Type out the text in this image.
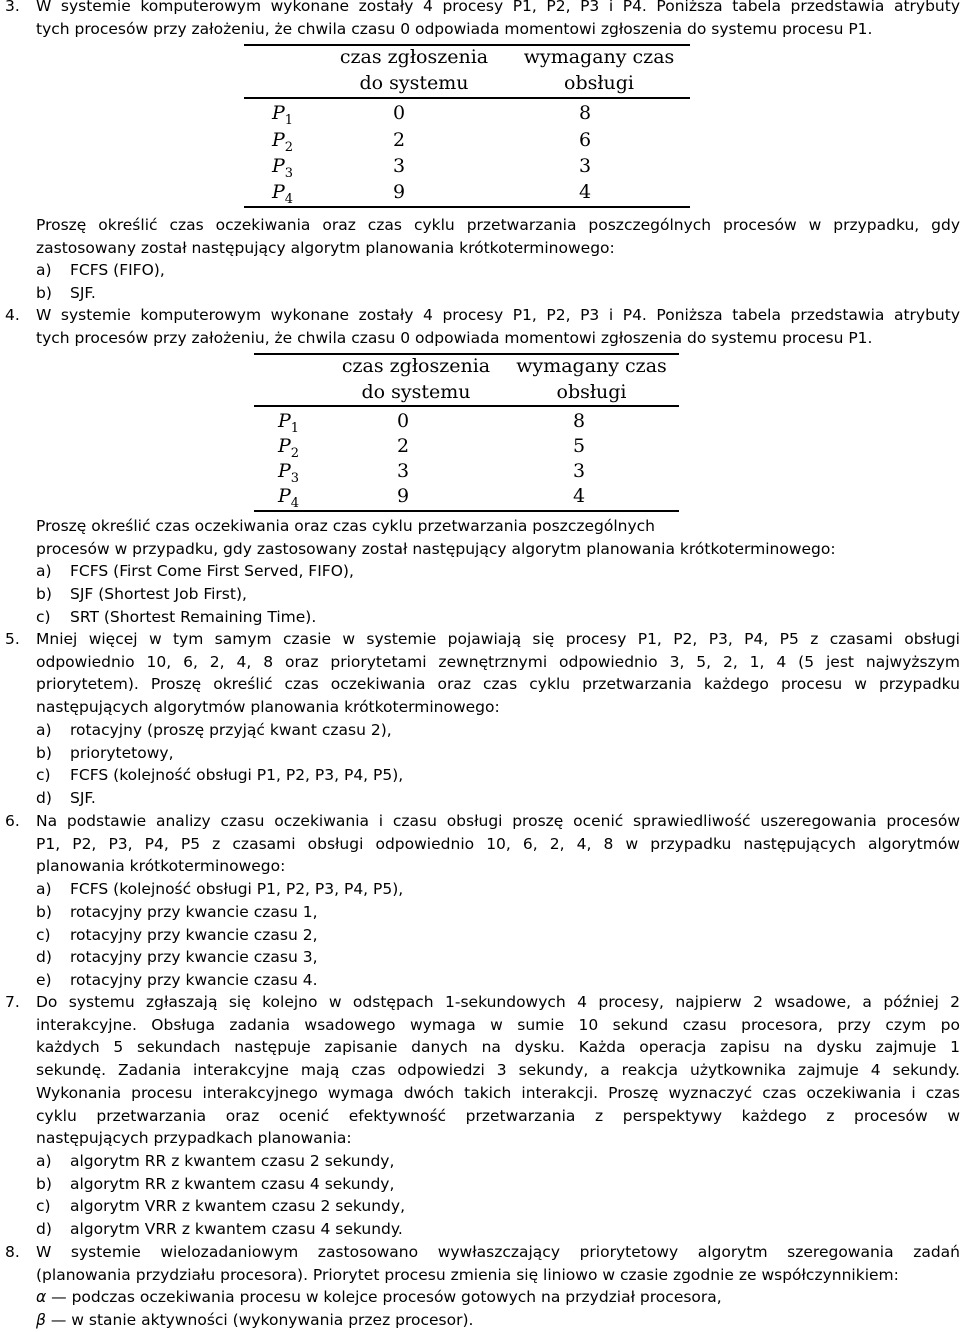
3. W systemie komputerowym wykonane zostały 4 procesy P1, P2, P3 i P4. Poniższa tabela przedstawia atrybuty
tych procesów przy założeniu, że chwila czasu 0 odpowiada momentowi zgłoszenia do systemu procesu P1.
czas zgłoszenia
do systemu
wymagany czas
obsługi
$P_1$	0	8
$P_2$	2	6
$P_3$	3	3
$P_4$	9	4
Proszę określić czas oczekiwania oraz czas cyklu przetwarzania poszczególnych procesów w przypadku, gdy
zastosowany został następujący algorytm planowania krótkoterminowego:
a) FCFS (FIFO),
b) SJF.
4. W systemie komputerowym wykonane zostały 4 procesy P1, P2, P3 i P4. Poniższa tabela przedstawia atrybuty
tych procesów przy założeniu, że chwila czasu 0 odpowiada momentowi zgłoszenia do systemu procesu P1.
czas zgłoszenia
do systemu
wymagany czas
obsługi
$P_1$	0	8
$P_2$	2	5
$P_3$	3	3
$P_4$	9	4
Proszę określić czas oczekiwania oraz czas cyklu przetwarzania poszczególnych
procesów w przypadku, gdy zastosowany został następujący algorytm planowania krótkoterminowego:
a) FCFS (First Come First Served, FIFO),
b) SJF (Shortest Job First),
c) SRT (Shortest Remaining Time).
5. Mniej więcej w tym samym czasie w systemie pojawiają się procesy P1, P2, P3, P4, P5 z czasami obsługi
odpowiednio 10, 6, 2, 4, 8 oraz priorytetami zewnętrznymi odpowiednio 3, 5, 2, 1, 4 (5 jest najwyższym
priorytetem). Proszę określić czas oczekiwania oraz czas cyklu przetwarzania każdego procesu w przypadku
następujących algorytmów planowania krótkoterminowego:
a) rotacyjny (proszę przyjąć kwant czasu 2),
b) priorytetowy,
c) FCFS (kolejność obsługi P1, P2, P3, P4, P5),
d) SJF.
6. Na podstawie analizy czasu oczekiwania i czasu obsługi proszę ocenić sprawiedliwość uszeregowania procesów
P1, P2, P3, P4, P5 z czasami obsługi odpowiednio 10, 6, 2, 4, 8 w przypadku następujących algorytmów
planowania krótkoterminowego:
a) FCFS (kolejność obsługi P1, P2, P3, P4, P5),
b) rotacyjny przy kwancie czasu 1,
c) rotacyjny przy kwancie czasu 2,
d) rotacyjny przy kwancie czasu 3,
e) rotacyjny przy kwancie czasu 4.
7. Do systemu zgłaszają się kolejno w odstępach 1-sekundowych 4 procesy, najpierw 2 wsadowe, a później 2
interakcyjne. Obsługa zadania wsadowego wymaga w sumie 10 sekund czasu procesora, przy czym po
każdych 5 sekundach następuje zapisanie danych na dysku. Każda operacja zapisu na dysku zajmuje 1
sekundę. Zadania interakcyjne mają czas odpowiedzi 3 sekundy, a reakcja użytkownika zajmuje 4 sekundy.
Wykonania procesu interakcyjnego wymaga dwóch takich interakcji. Proszę wyznaczyć czas oczekiwania i czas
cyklu przetwarzania oraz ocenić efektywność przetwarzania z perspektywy każdego z procesów w
następujących przypadkach planowania:
a) algorytm RR z kwantem czasu 2 sekundy,
b) algorytm RR z kwantem czasu 4 sekundy,
c) algorytm VRR z kwantem czasu 2 sekundy,
d) algorytm VRR z kwantem czasu 4 sekundy.
8. W systemie wielozadaniowym zastosowano wywłaszczający priorytetowy algorytm szeregowania zadań
(planowania przydziału procesora). Priorytet procesu zmienia się liniowo w czasie zgodnie ze współczynnikiem:
α — podczas oczekiwania procesu w kolejce procesów gotowych na przydział procesora,
β — w stanie aktywności (wykonywania przez procesor).
